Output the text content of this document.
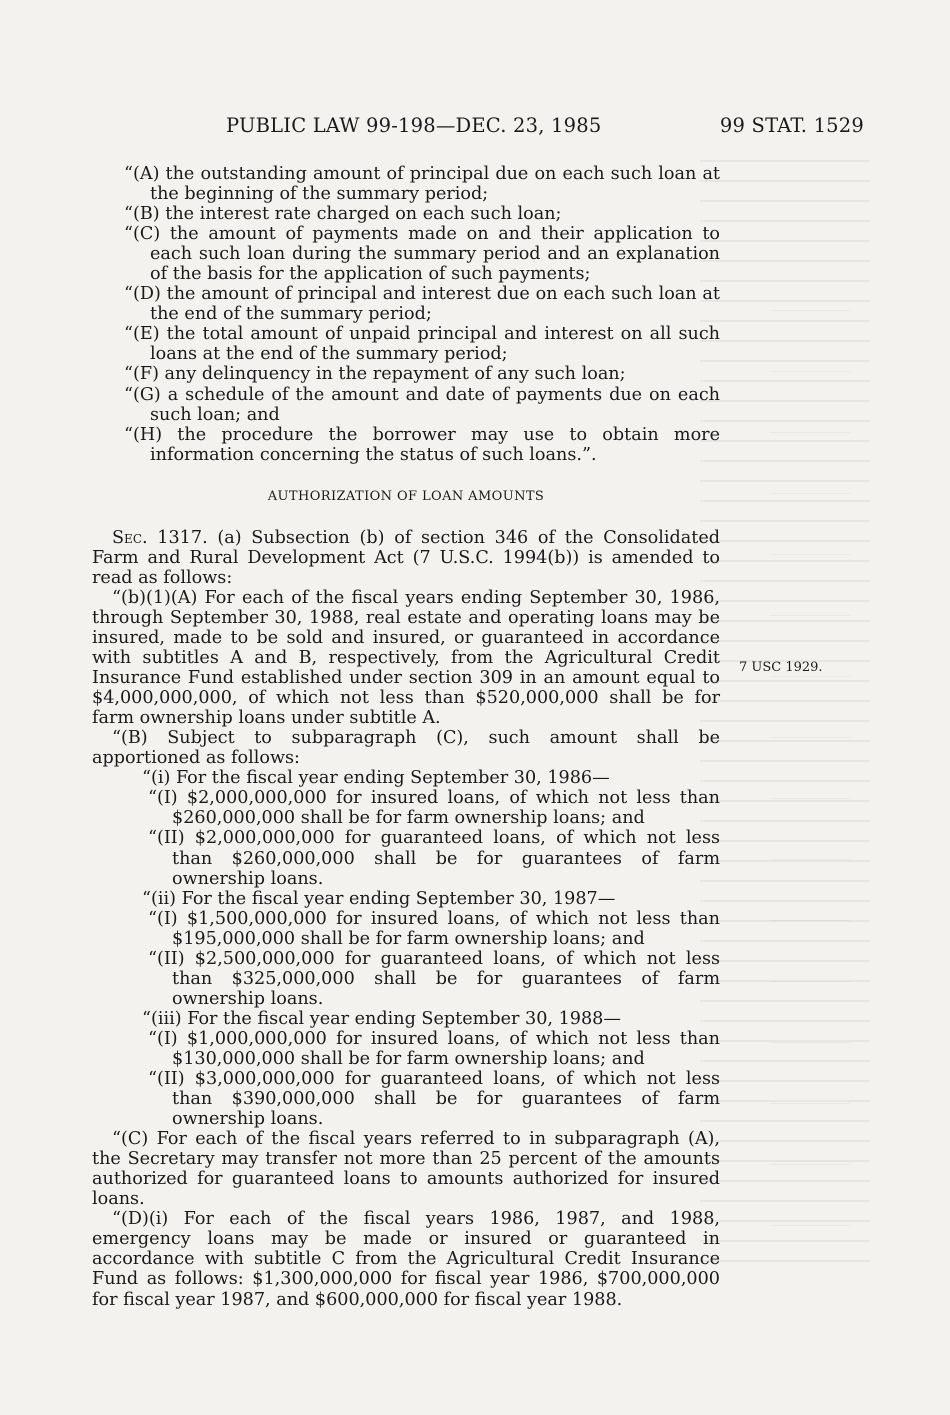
PUBLIC LAW 99-198—DEC. 23, 1985	99 STAT. 1529
7 USC 1929.

“(A) the outstanding amount of principal due on each such loan at the beginning of the summary period;

“(B) the interest rate charged on each such loan;

“(C) the amount of payments made on and their application to each such loan during the summary period and an explanation of the basis for the application of such payments;

“(D) the amount of principal and interest due on each such loan at the end of the summary period;

“(E) the total amount of unpaid principal and interest on all such loans at the end of the summary period;

“(F) any delinquency in the repayment of any such loan;

“(G) a schedule of the amount and date of payments due on each such loan; and

“(H) the procedure the borrower may use to obtain more information concerning the status of such loans.”.

AUTHORIZATION OF LOAN AMOUNTS

Sec. 1317. (a) Subsection (b) of section 346 of the Consolidated Farm and Rural Development Act (7 U.S.C. 1994(b)) is amended to read as follows:

“(b)(1)(A) For each of the fiscal years ending September 30, 1986, through September 30, 1988, real estate and operating loans may be insured, made to be sold and insured, or guaranteed in accordance with subtitles A and B, respectively, from the Agricultural Credit Insurance Fund established under section 309 in an amount equal to $4,000,000,000, of which not less than $520,000,000 shall be for farm ownership loans under subtitle A.

“(B) Subject to subparagraph (C), such amount shall be apportioned as follows:

“(i) For the fiscal year ending September 30, 1986—

“(I) $2,000,000,000 for insured loans, of which not less than $260,000,000 shall be for farm ownership loans; and

“(II) $2,000,000,000 for guaranteed loans, of which not less than $260,000,000 shall be for guarantees of farm ownership loans.

“(ii) For the fiscal year ending September 30, 1987—

“(I) $1,500,000,000 for insured loans, of which not less than $195,000,000 shall be for farm ownership loans; and

“(II) $2,500,000,000 for guaranteed loans, of which not less than $325,000,000 shall be for guarantees of farm ownership loans.

“(iii) For the fiscal year ending September 30, 1988—

“(I) $1,000,000,000 for insured loans, of which not less than $130,000,000 shall be for farm ownership loans; and

“(II) $3,000,000,000 for guaranteed loans, of which not less than $390,000,000 shall be for guarantees of farm ownership loans.

“(C) For each of the fiscal years referred to in subparagraph (A), the Secretary may transfer not more than 25 percent of the amounts authorized for guaranteed loans to amounts authorized for insured loans.

“(D)(i) For each of the fiscal years 1986, 1987, and 1988, emergency loans may be made or insured or guaranteed in accordance with subtitle C from the Agricultural Credit Insurance Fund as follows: $1,300,000,000 for fiscal year 1986, $700,000,000 for fiscal year 1987, and $600,000,000 for fiscal year 1988.
